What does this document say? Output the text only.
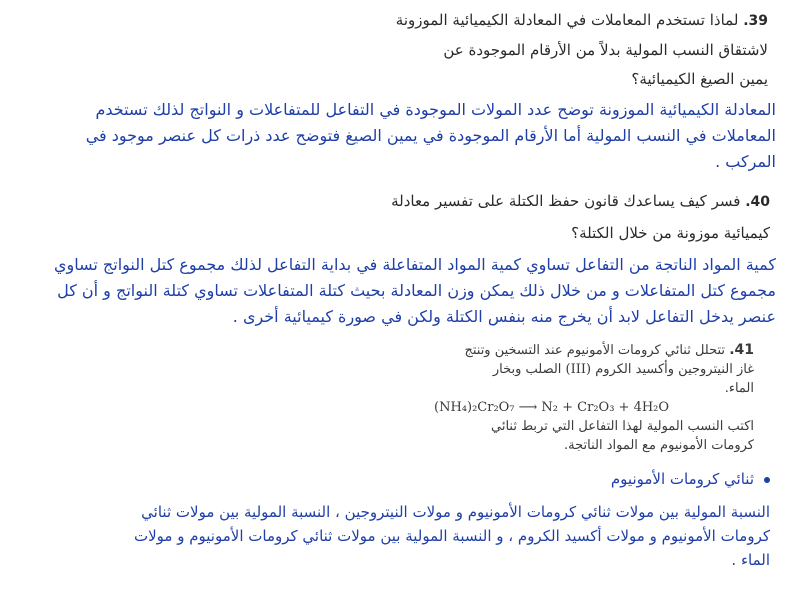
39. لماذا تستخدم المعاملات في المعادلة الكيميائية الموزونة
لاشتقاق النسب المولية بدلاً من الأرقام الموجودة عن
يمين الصيغ الكيميائية؟
المعادلة الكيميائية الموزونة توضح عدد المولات الموجودة في التفاعل للمتفاعلات و النواتج لذلك تستخدم
المعاملات في النسب المولية أما الأرقام الموجودة في يمين الصيغ فتوضح عدد ذرات كل عنصر موجود في
المركب .
40. فسر كيف يساعدك قانون حفظ الكتلة على تفسير معادلة
كيميائية موزونة من خلال الكتلة؟
كمية المواد الناتجة من التفاعل تساوي كمية المواد المتفاعلة في بداية التفاعل لذلك مجموع كتل النواتج تساوي
مجموع كتل المتفاعلات و من خلال ذلك يمكن وزن المعادلة بحيث كتلة المتفاعلات تساوي كتلة النواتج و أن كل
عنصر يدخل التفاعل لابد أن يخرج منه بنفس الكتلة ولكن في صورة كيميائية أخرى .
41. تتحلل ثنائي كرومات الأمونيوم عند التسخين وتنتج
غاز النيتروجين وأكسيد الكروم (III) الصلب وبخار
الماء.
(NH₄)₂Cr₂O₇ ⟶ N₂ + Cr₂O₃ + 4H₂O
اكتب النسب المولية لهذا التفاعل التي تربط ثنائي
كرومات الأمونيوم مع المواد الناتجة.
ثنائي كرومات الأمونيوم
النسبة المولية بين مولات ثنائي كرومات الأمونيوم و مولات النيتروجين ، النسبة المولية بين مولات ثنائي
كرومات الأمونيوم و مولات أكسيد الكروم ، و النسبة المولية بين مولات ثنائي كرومات الأمونيوم و مولات
الماء .
